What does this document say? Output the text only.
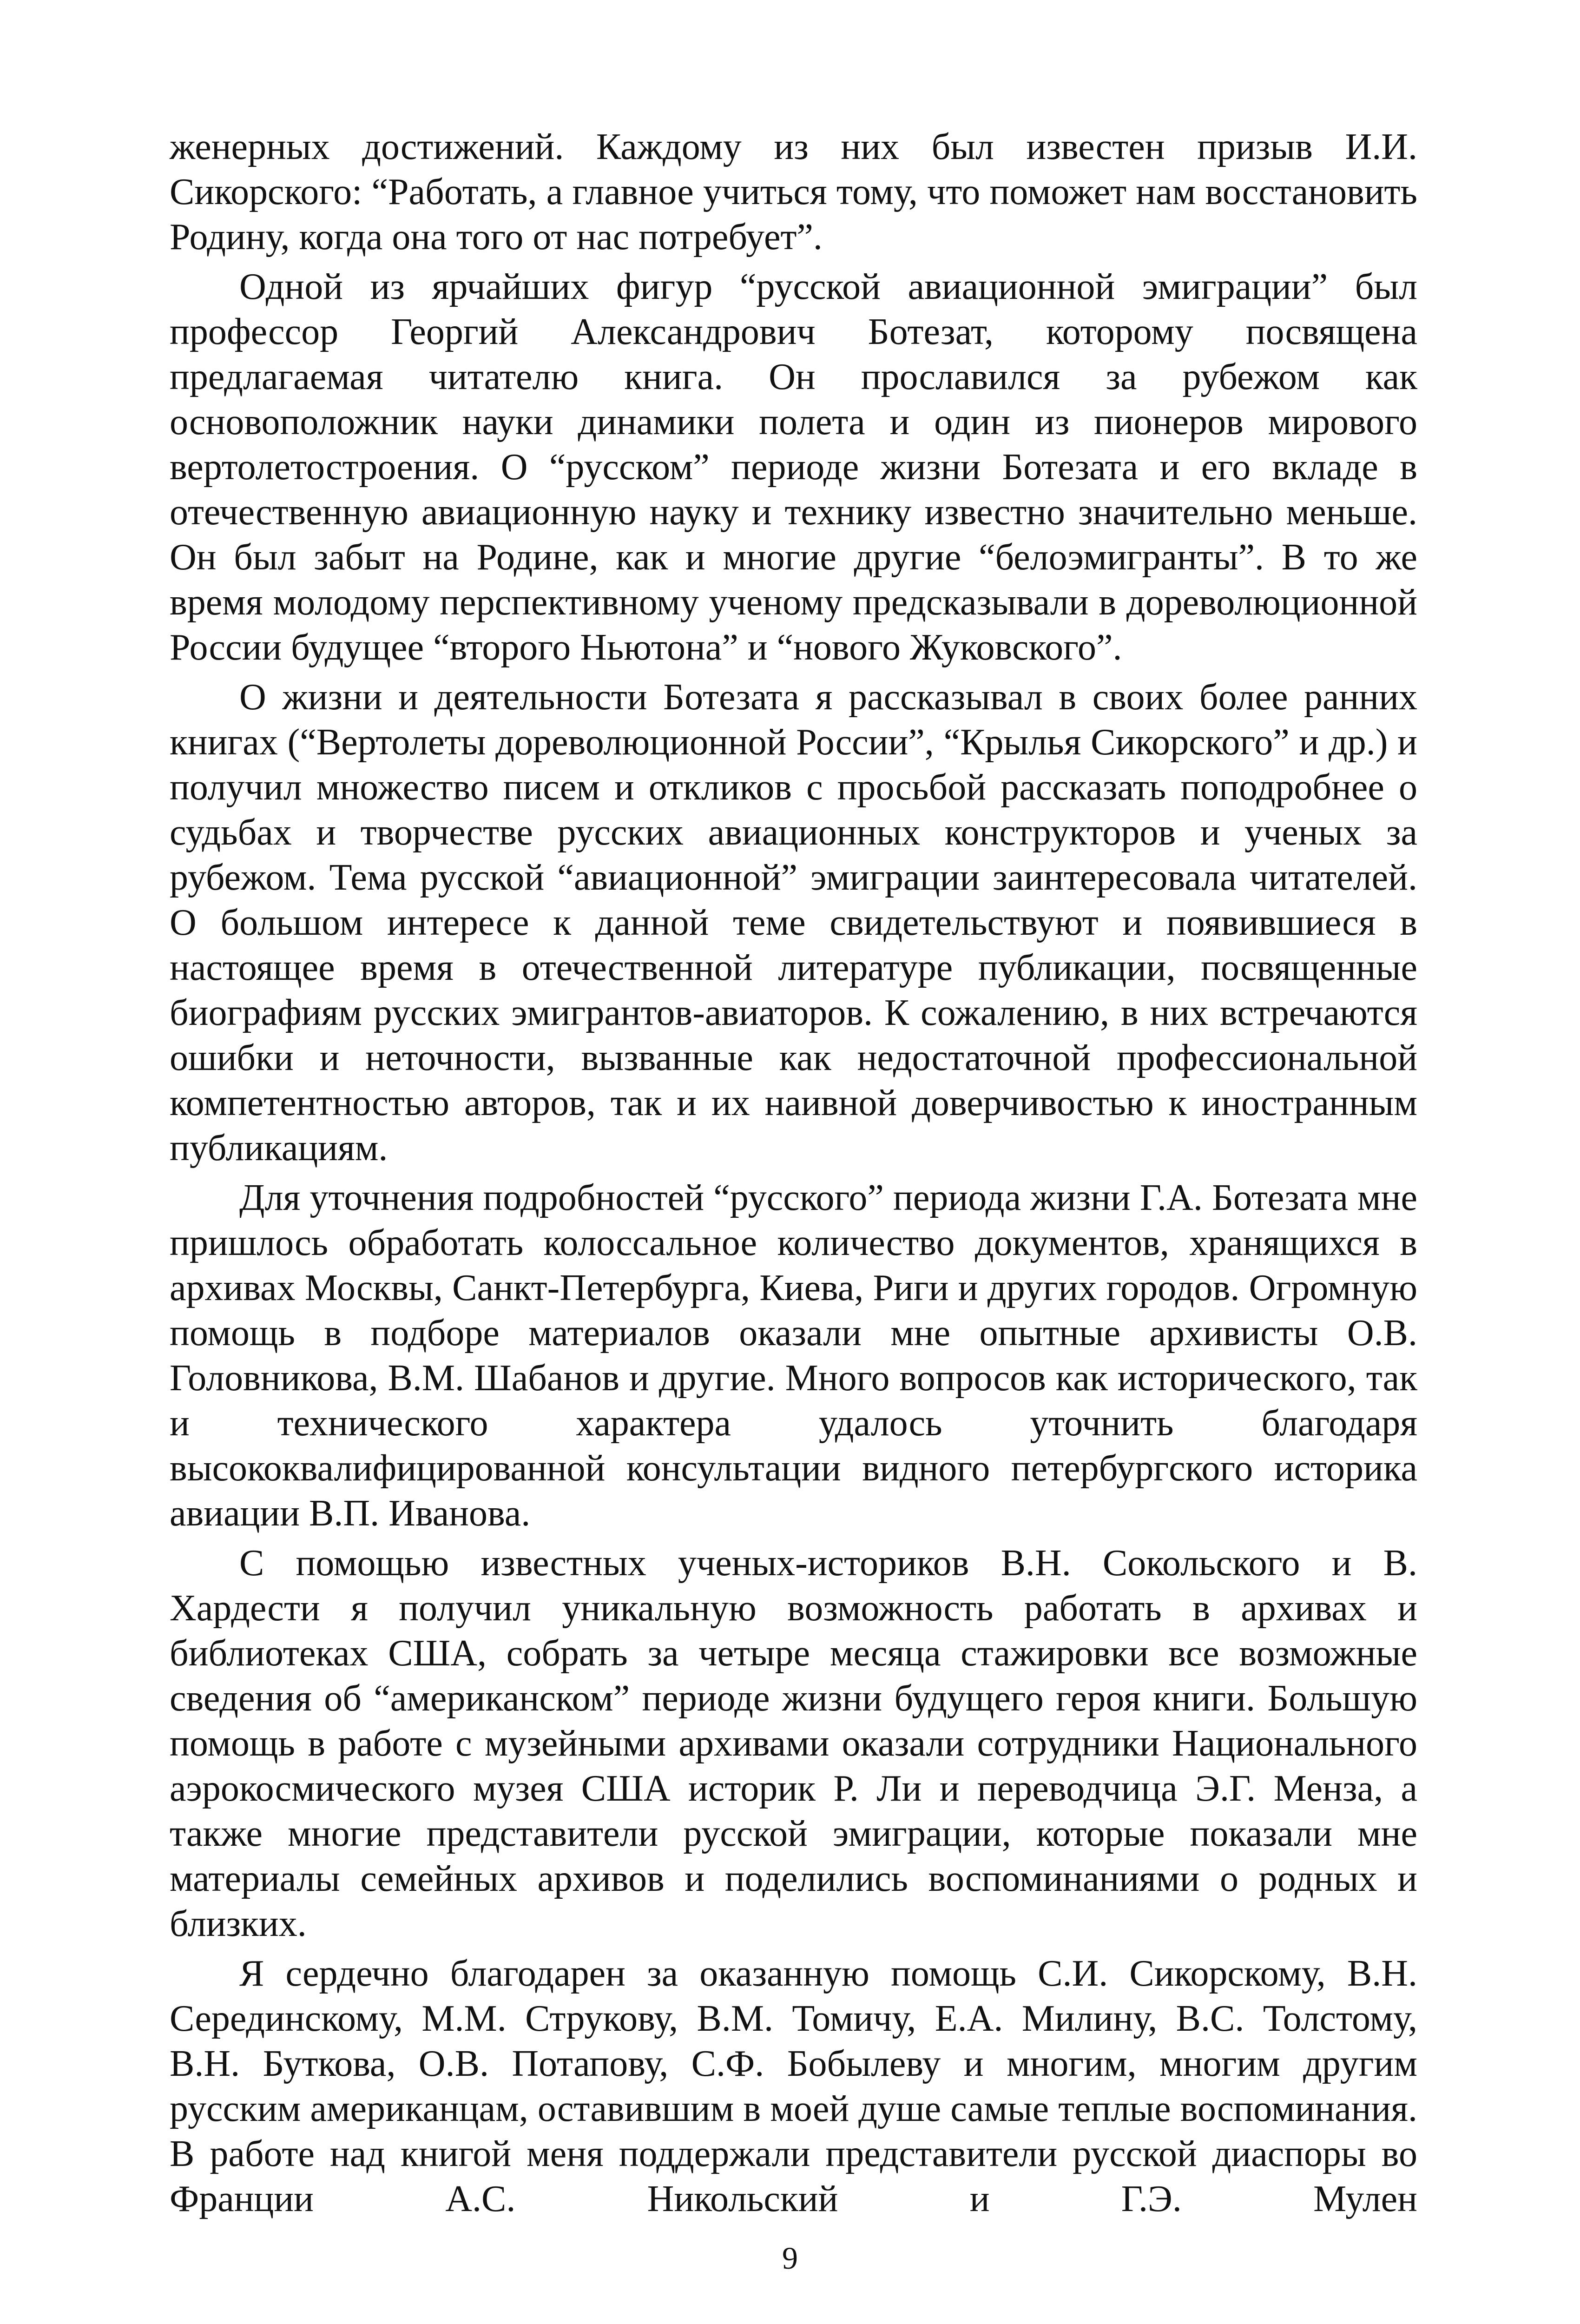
женерных достижений. Каждому из них был известен призыв И.И. Сикорского: “Работать, а главное учиться тому, что поможет нам восстановить Родину, когда она того от нас потребует”.

Одной из ярчайших фигур “русской авиационной эмиграции” был профессор Георгий Александрович Ботезат, которому посвящена предлагаемая читателю книга. Он прославился за рубежом как основоположник науки динамики полета и один из пионеров мирового вертолетостроения. О “русском” периоде жизни Ботезата и его вкладе в отечественную авиационную науку и технику известно значительно меньше. Он был забыт на Родине, как и многие другие “белоэмигранты”. В то же время молодому перспективному ученому предсказывали в дореволюционной России будущее “второго Ньютона” и “нового Жуковского”.

О жизни и деятельности Ботезата я рассказывал в своих более ранних книгах (“Вертолеты дореволюционной России”, “Крылья Сикорского” и др.) и получил множество писем и откликов с просьбой рассказать поподробнее о судьбах и творчестве русских авиационных конструкторов и ученых за рубежом. Тема русской “авиационной” эмиграции заинтересовала читателей. О большом интересе к данной теме свидетельствуют и появившиеся в настоящее время в отечественной литературе публикации, посвященные биографиям русских эмигрантов-авиаторов. К сожалению, в них встречаются ошибки и неточности, вызванные как недостаточной профессиональной компетентностью авторов, так и их наивной доверчивостью к иностранным публикациям.

Для уточнения подробностей “русского” периода жизни Г.А. Ботезата мне пришлось обработать колоссальное количество документов, хранящихся в архивах Москвы, Санкт-Петербурга, Киева, Риги и других городов. Огромную помощь в подборе материалов оказали мне опытные архивисты О.В. Головникова, В.М. Шабанов и другие. Много вопросов как исторического, так и технического характера удалось уточнить благодаря высококвалифицированной консультации видного петербургского историка авиации В.П. Иванова.

С помощью известных ученых-историков В.Н. Сокольского и В. Хардести я получил уникальную возможность работать в архивах и библиотеках США, собрать за четыре месяца стажировки все возможные сведения об “американском” периоде жизни будущего героя книги. Большую помощь в работе с музейными архивами оказали сотрудники Национального аэрокосмического музея США историк Р. Ли и переводчица Э.Г. Менза, а также многие представители русской эмиграции, которые показали мне материалы семейных архивов и поделились воспоминаниями о родных и близких.

Я сердечно благодарен за оказанную помощь С.И. Сикорскому, В.Н. Серединскому, М.М. Струкову, В.М. Томичу, Е.А. Милину, В.С. Толстому, В.Н. Буткова, О.В. Потапову, С.Ф. Бобылеву и многим, многим другим русским американцам, оставившим в моей душе самые теплые воспоминания. В работе над книгой меня поддержали представители русской диаспоры во Франции А.С. Никольский и Г.Э. Мулен

9
